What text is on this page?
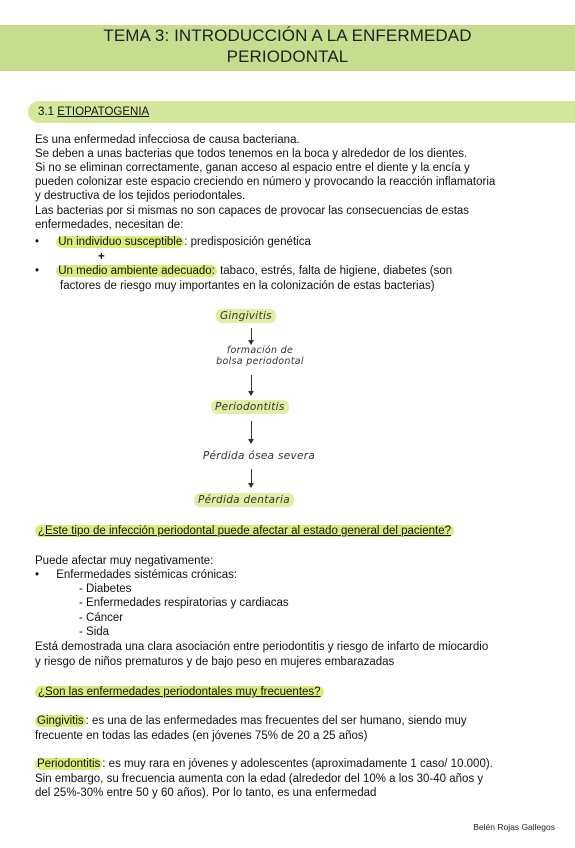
TEMA 3: INTRODUCCIÓN A LA ENFERMEDAD
PERIODONTAL
3.1 ETIOPATOGENIA
Es una enfermedad infecciosa de causa bacteriana.
Se deben a unas bacterias que todos tenemos en la boca y alrededor de los dientes.
Si no se eliminan correctamente, ganan acceso al espacio entre el diente y la encía y
pueden colonizar este espacio creciendo en número y provocando la reacción inflamatoria
y destructiva de los tejidos periodontales.
Las bacterias por si mismas no son capaces de provocar las consecuencias de estas
enfermedades, necesitan de:
• Un individuo susceptible : predisposición genética
+
• Un medio ambiente adecuado: tabaco, estrés, falta de higiene, diabetes (son
factores de riesgo muy importantes en la colonización de estas bacterias)
Gingivitis
formación de
bolsa periodontal
Periodontitis
Pérdida ósea severa
Pérdida dentaria
¿Este tipo de infección periodontal puede afectar al estado general del paciente?
Puede afectar muy negativamente:
• Enfermedades sistémicas crónicas:
- Diabetes
- Enfermedades respiratorias y cardiacas
- Cáncer
- Sida
Está demostrada una clara asociación entre periodontitis y riesgo de infarto de miocardio
y riesgo de niños prematuros y de bajo peso en mujeres embarazadas
¿Son las enfermedades periodontales muy frecuentes?
Gingivitis : es una de las enfermedades mas frecuentes del ser humano, siendo muy
frecuente en todas las edades (en jóvenes 75% de 20 a 25 años)
Periodontitis : es muy rara en jóvenes y adolescentes (aproximadamente 1 caso/ 10.000).
Sin embargo, su frecuencia aumenta con la edad (alrededor del 10% a los 30-40 años y
del 25%-30% entre 50 y 60 años). Por lo tanto, es una enfermedad
Belén Rojas Gallegos
